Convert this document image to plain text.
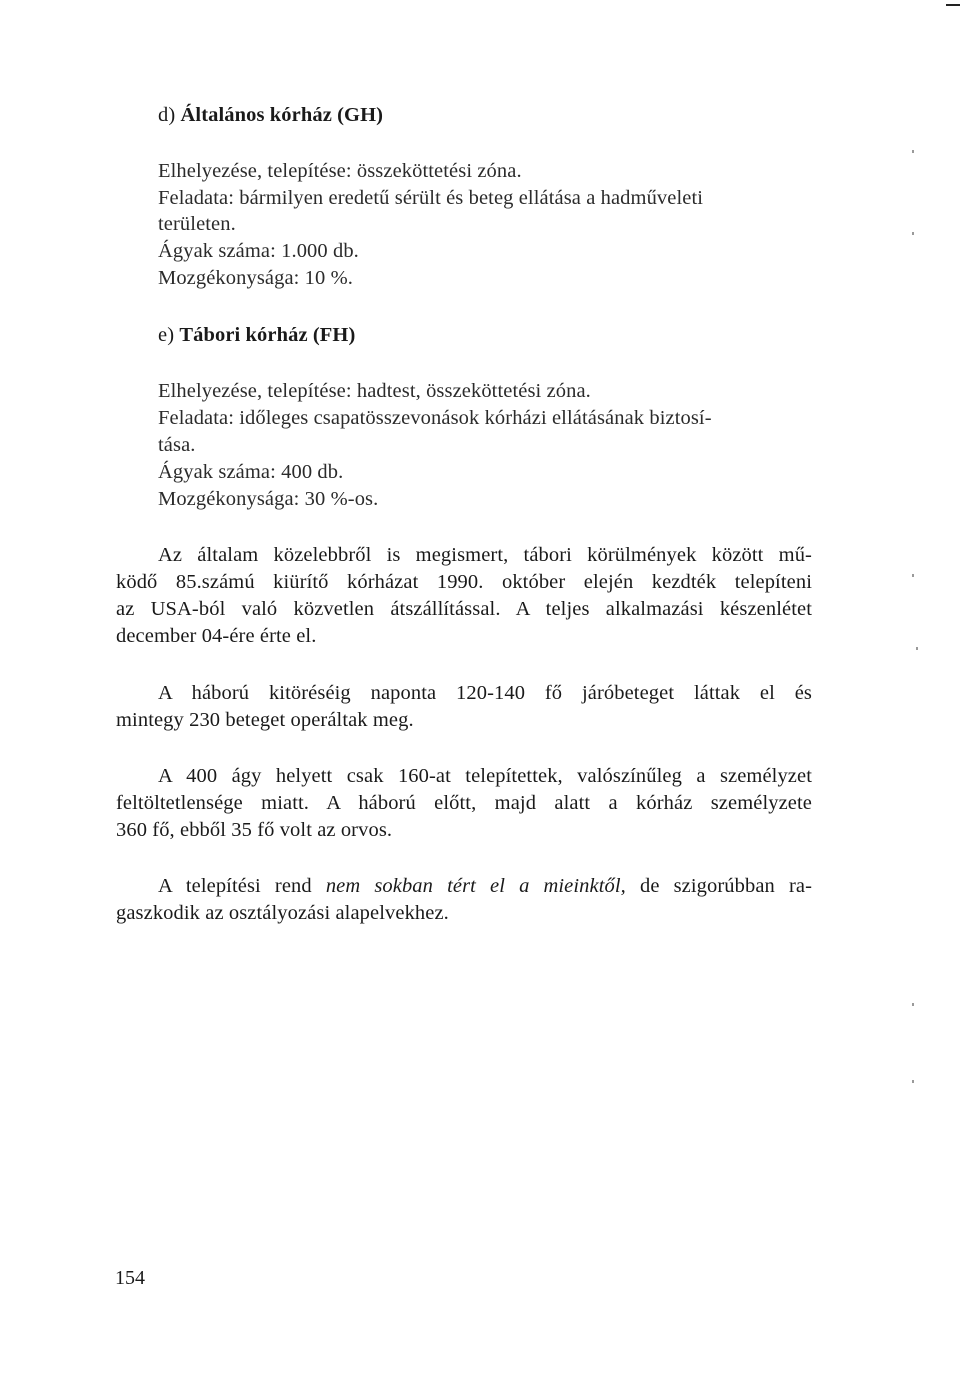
d) Általános kórház (GH)
Elhelyezése, telepítése: összeköttetési zóna.
Feladata: bármilyen eredetű sérült és beteg ellátása a hadműveleti
területen.
Ágyak száma: 1.000 db.
Mozgékonysága: 10 %.
e) Tábori kórház (FH)
Elhelyezése, telepítése: hadtest, összeköttetési zóna.
Feladata: időleges csapatösszevonások kórházi ellátásának biztosí-
tása.
Ágyak száma: 400 db.
Mozgékonysága: 30 %-os.
Az általam közelebbről is megismert, tábori körülmények között mű-
ködő 85.számú kiürítő kórházat 1990. október elején kezdték telepíteni
az USA-ból való közvetlen átszállítással. A teljes alkalmazási készenlétet
december 04-ére érte el.
A háború kitöréséig naponta 120-140 fő járóbeteget láttak el és
mintegy 230 beteget operáltak meg.
A 400 ágy helyett csak 160-at telepítettek, valószínűleg a személyzet
feltöltetlensége miatt. A háború előtt, majd alatt a kórház személyzete
360 fő, ebből 35 fő volt az orvos.
A telepítési rend nem sokban tért el a mieinktől, de szigorúbban ra-
gaszkodik az osztályozási alapelvekhez.
154
